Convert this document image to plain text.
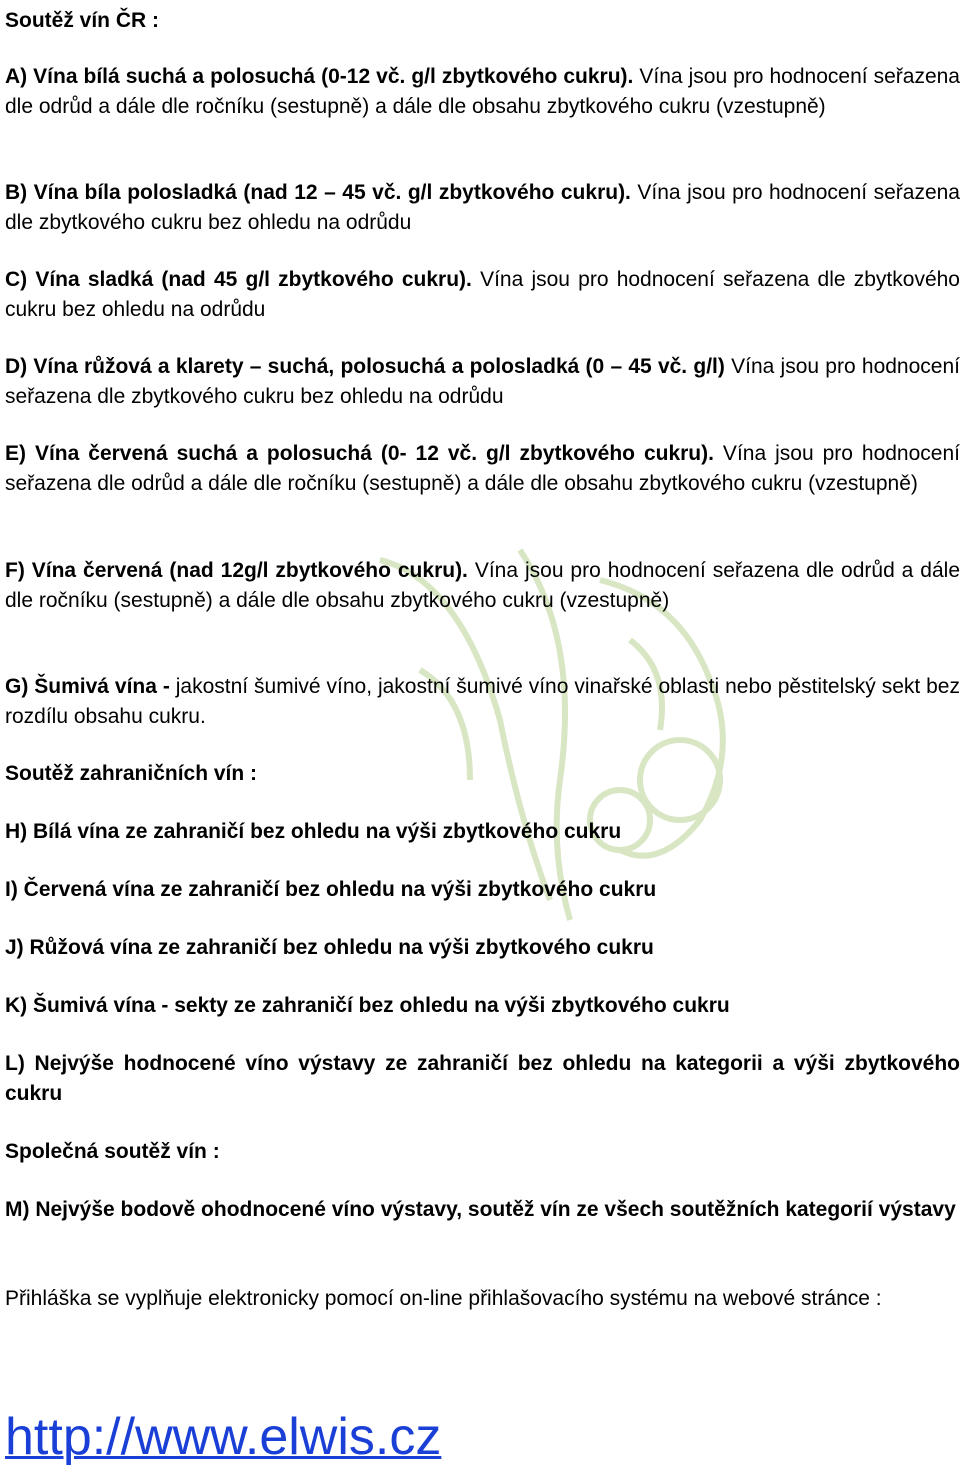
Soutěž vín ČR :

A) Vína bílá suchá a polosuchá (0-12 vč. g/l zbytkového cukru). Vína jsou pro hodnocení seřazena dle odrůd a dále dle ročníku (sestupně) a dále dle obsahu zbytkového cukru (vzestupně)

B) Vína bíla polosladká (nad 12 – 45 vč. g/l zbytkového cukru). Vína jsou pro hodnocení seřazena dle zbytkového cukru bez ohledu na odrůdu

C) Vína sladká (nad 45 g/l zbytkového cukru). Vína jsou pro hodnocení seřazena dle zbytkového cukru bez ohledu na odrůdu

D) Vína růžová a klarety – suchá, polosuchá a polosladká (0 – 45 vč. g/l) Vína jsou pro hodnocení seřazena dle zbytkového cukru bez ohledu na odrůdu

E) Vína červená suchá a polosuchá (0- 12 vč. g/l zbytkového cukru). Vína jsou pro hodnocení seřazena dle odrůd a dále dle ročníku (sestupně) a dále dle obsahu zbytkového cukru (vzestupně)

F) Vína červená (nad 12g/l zbytkového cukru). Vína jsou pro hodnocení seřazena dle odrůd a dále dle ročníku (sestupně) a dále dle obsahu zbytkového cukru (vzestupně)

G) Šumivá vína - jakostní šumivé víno, jakostní šumivé víno vinařské oblasti nebo pěstitelský sekt bez rozdílu obsahu cukru.

Soutěž zahraničních vín :

H) Bílá vína ze zahraničí bez ohledu na výši zbytkového cukru

I) Červená vína ze zahraničí bez ohledu na výši zbytkového cukru

J) Růžová vína ze zahraničí bez ohledu na výši zbytkového cukru

K) Šumivá vína - sekty ze zahraničí bez ohledu na výši zbytkového cukru

L) Nejvýše hodnocené víno výstavy ze zahraničí bez ohledu na kategorii a výši zbytkového cukru

Společná soutěž vín :

M) Nejvýše bodově ohodnocené víno výstavy, soutěž vín ze všech soutěžních kategorií výstavy

Přihláška se vyplňuje elektronicky pomocí on-line přihlašovacího systému na webové stránce :

http://www.elwis.cz
